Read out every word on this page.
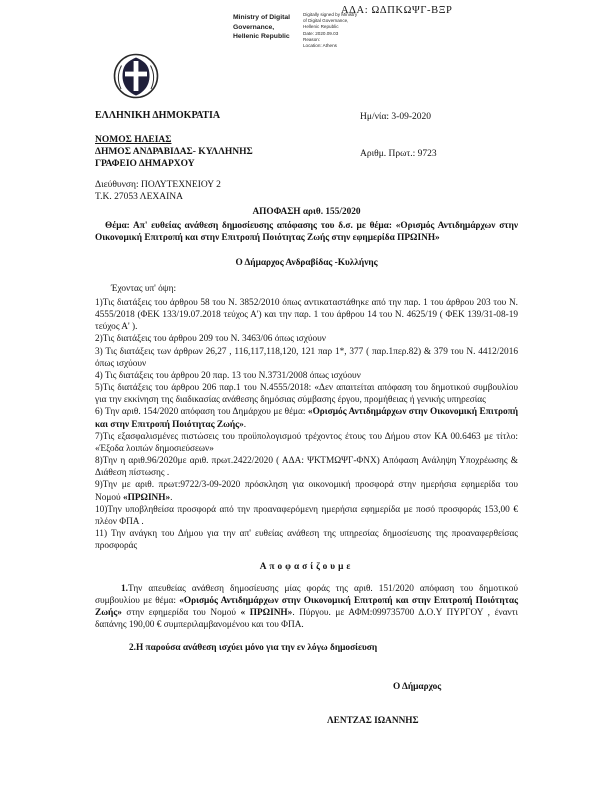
ΑΔΑ: ΩΔΠΚΩΨΓ-ΒΞΡ
Ministry of Digital
Governance,
Hellenic Republic
Digitally signed by Ministry
of Digital Governance,
Hellenic Republic
Date: 2020.09.03
Reason:
Location: Athens
ΕΛΛΗΝΙΚΗ ΔΗΜΟΚΡΑΤΙΑ
ΝΟΜΟΣ ΗΛΕΙΑΣ
ΔΗΜΟΣ ΑΝΔΡΑΒΙΔΑΣ- ΚΥΛΛΗΝΗΣ
ΓΡΑΦΕΙΟ ΔΗΜΑΡΧΟΥ
Διεύθυνση: ΠΟΛΥΤΕΧΝΕΙΟΥ 2
Τ.Κ. 27053 ΛΕΧΑΙΝΑ
Ημ/νία: 3-09-2020
Αριθμ. Πρωτ.: 9723
ΑΠΟΦΑΣΗ αριθ. 155/2020

Θέμα: Απ' ευθείας ανάθεση δημοσίευσης απόφασης του δ.σ. με θέμα: «Ορισμός Αντιδημάρχων στην Οικονομική Επιτροπή και στην Επιτροπή Ποιότητας Ζωής στην εφημερίδα ΠΡΩΙΝΗ»

Ο Δήμαρχος Ανδραβίδας -Κυλλήνης
Έχοντας υπ' όψη:

1)Τις διατάξεις του άρθρου 58 του Ν. 3852/2010 όπως αντικαταστάθηκε από την παρ. 1 του άρθρου 203 του Ν. 4555/2018 (ΦΕΚ 133/19.07.2018 τεύχος Α') και την παρ. 1 του άρθρου 14 του Ν. 4625/19 ( ΦΕΚ 139/31-08-19 τεύχος Α' ).

2)Τις διατάξεις του άρθρου 209 του Ν. 3463/06 όπως ισχύουν

3) Τις διατάξεις των άρθρων 26,27 , 116,117,118,120, 121 παρ 1*, 377 ( παρ.1περ.82) & 379 του Ν. 4412/2016 όπως ισχύουν

4) Τις διατάξεις του άρθρου 20 παρ. 13 του Ν.3731/2008 όπως ισχύουν

5)Τις διατάξεις του άρθρου 206 παρ.1 του Ν.4555/2018: «Δεν απαιτείται απόφαση του δημοτικού συμβουλίου για την εκκίνηση της διαδικασίας ανάθεσης δημόσιας σύμβασης έργου, προμήθειας ή γενικής υπηρεσίας

6) Την αριθ. 154/2020 απόφαση του Δημάρχου με θέμα: «Ορισμός Αντιδημάρχων στην Οικονομική Επιτροπή και στην Επιτροπή Ποιότητας Ζωής».

7)Τις εξασφαλισμένες πιστώσεις του προϋπολογισμού τρέχοντος έτους του Δήμου στον ΚΑ 00.6463 με τίτλο: «Έξοδα λοιπών δημοσιεύσεων»

8)Την η αριθ.96/2020με αριθ. πρωτ.2422/2020 ( ΑΔΑ: ΨΚΤΜΩΨΓ-ΦΝΧ) Απόφαση Ανάληψη Υποχρέωσης & Διάθεση πίστωσης .

9)Την με αριθ. πρωτ:9722/3-09-2020 πρόσκληση για οικονομική προσφορά στην ημερήσια εφημερίδα του Νομού «ΠΡΩΙΝΗ».

10)Την υποβληθείσα προσφορά από την προαναφερόμενη ημερήσια εφημερίδα με ποσό προσφοράς 153,00 € πλέον ΦΠΑ .

11) Την ανάγκη του Δήμου για την απ' ευθείας ανάθεση της υπηρεσίας δημοσίευσης της προαναφερθείσας προσφοράς

Αποφασίζουμε

1.Την απευθείας ανάθεση δημοσίευσης μίας φοράς της αριθ. 151/2020 απόφαση του δημοτικού συμβουλίου με θέμα: «Ορισμός Αντιδημάρχων στην Οικονομική Επιτροπή και στην Επιτροπή Ποιότητας Ζωής» στην εφημερίδα του Νομού « ΠΡΩΙΝΗ». Πύργου. με ΑΦΜ:099735700 Δ.Ο.Υ ΠΥΡΓΟΥ , έναντι δαπάνης 190,00 € συμπεριλαμβανομένου και του ΦΠΑ.

2.Η παρούσα ανάθεση ισχύει μόνο για την εν λόγω δημοσίευση

Ο Δήμαρχος
ΛΕΝΤΖΑΣ ΙΩΑΝΝΗΣ
